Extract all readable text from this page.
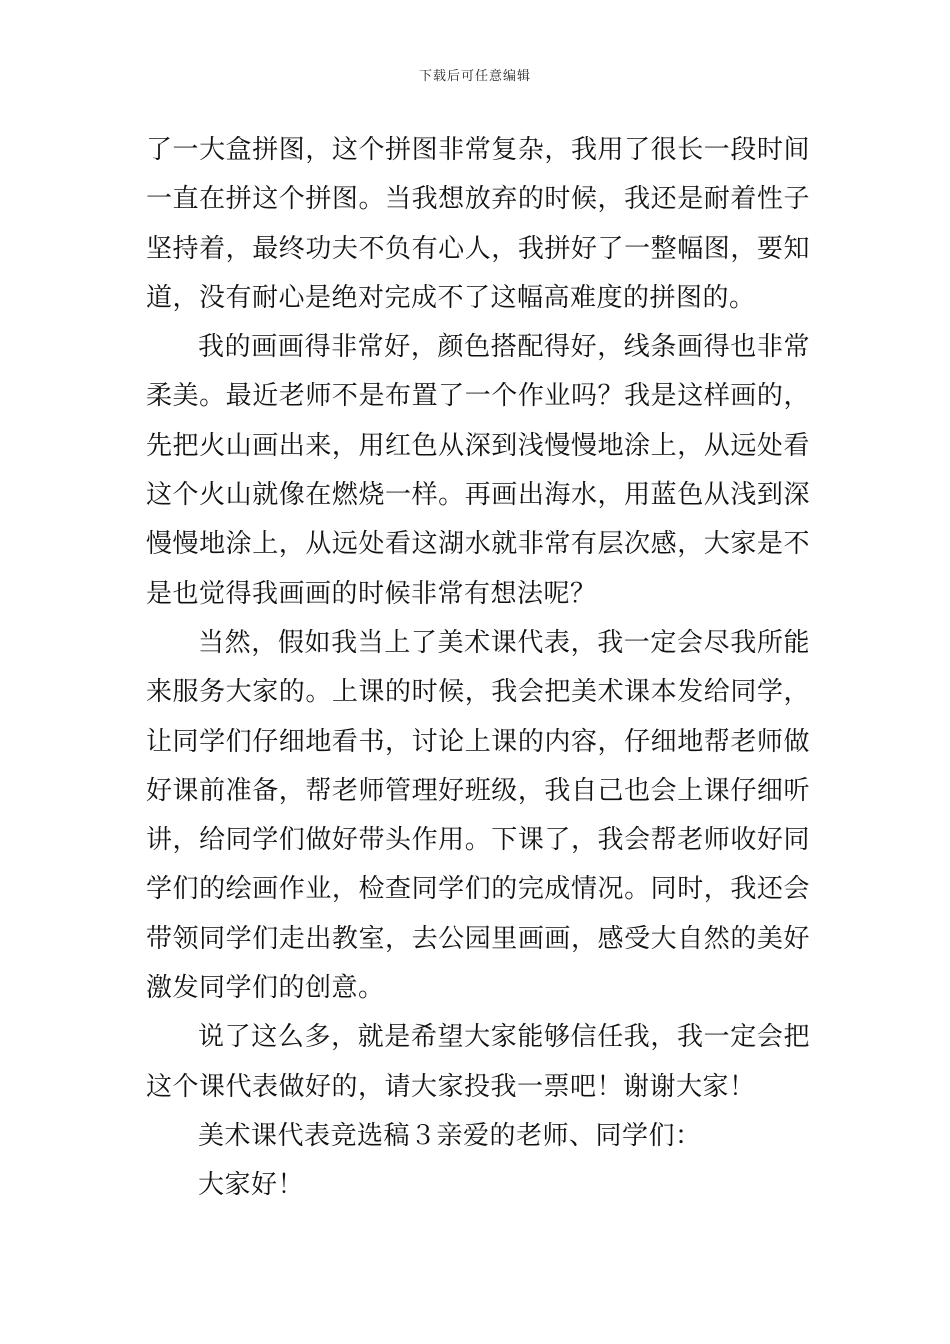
下载后可任意编辑

了一大盒拼图，这个拼图非常复杂，我用了很长一段时间一直在拼这个拼图。当我想放弃的时候，我还是耐着性子坚持着，最终功夫不负有心人，我拼好了一整幅图，要知道，没有耐心是绝对完成不了这幅高难度的拼图的。

我的画画得非常好，颜色搭配得好，线条画得也非常柔美。最近老师不是布置了一个作业吗？我是这样画的，先把火山画出来，用红色从深到浅慢慢地涂上，从远处看这个火山就像在燃烧一样。再画出海水，用蓝色从浅到深慢慢地涂上，从远处看这湖水就非常有层次感，大家是不是也觉得我画画的时候非常有想法呢？

当然，假如我当上了美术课代表，我一定会尽我所能来服务大家的。上课的时候，我会把美术课本发给同学，让同学们仔细地看书，讨论上课的内容，仔细地帮老师做好课前准备，帮老师管理好班级，我自己也会上课仔细听讲，给同学们做好带头作用。下课了，我会帮老师收好同学们的绘画作业，检查同学们的完成情况。同时，我还会带领同学们走出教室，去公园里画画，感受大自然的美好激发同学们的创意。

说了这么多，就是希望大家能够信任我，我一定会把这个课代表做好的，请大家投我一票吧！谢谢大家！

美术课代表竞选稿３亲爱的老师、同学们：

大家好！
